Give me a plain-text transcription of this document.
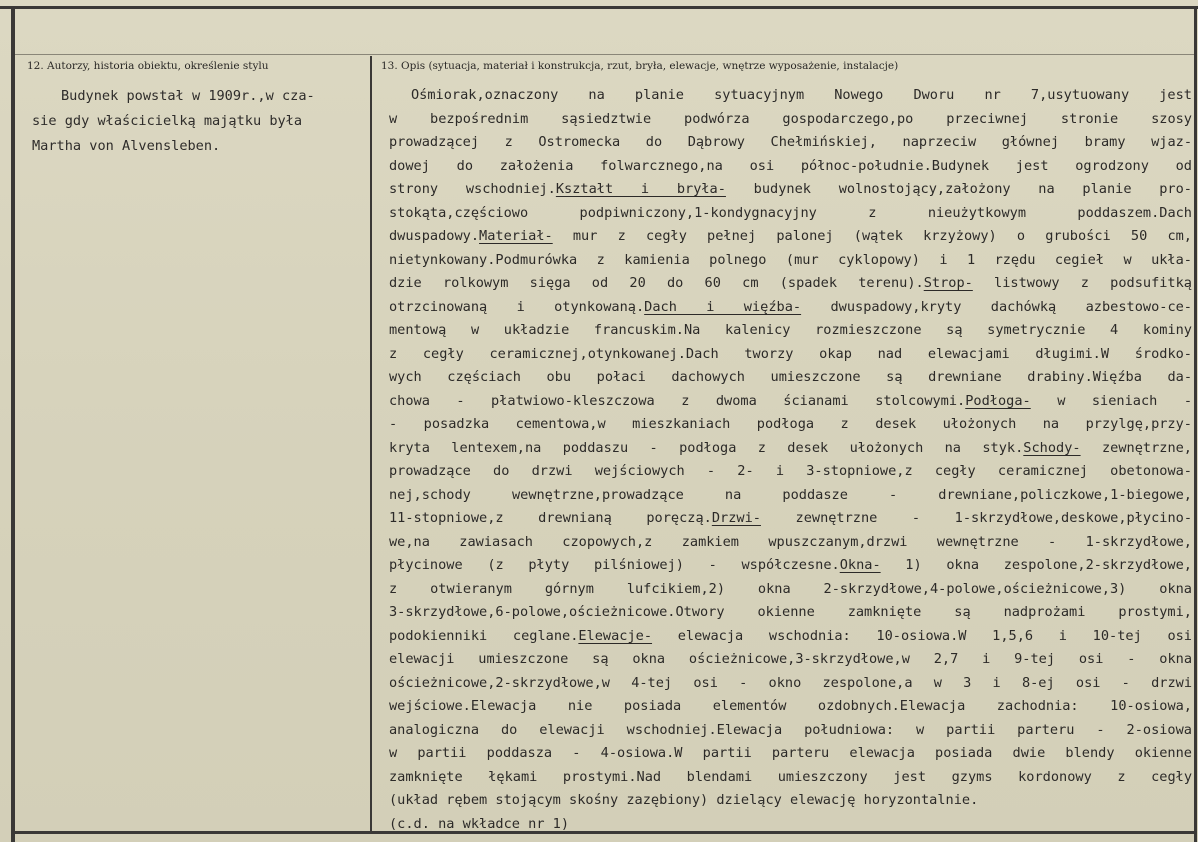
12. Autorzy, historia obiektu, określenie stylu	13. Opis (sytuacja, materiał i konstrukcja, rzut, bryła, elewacje, wnętrze wyposażenie, instalacje)
Budynek powstał w 1909r.,w cza-
sie gdy właścicielką majątku była
Martha von Alvensleben.
Ośmiorak,oznaczony na planie sytuacyjnym Nowego Dworu nr 7,usytuowany jest
w bezpośrednim sąsiedztwie podwórza gospodarczego,po przeciwnej stronie szosy
prowadzącej z Ostromecka do Dąbrowy Chełmińskiej, naprzeciw głównej bramy wjaz-
dowej do założenia folwarcznego,na osi północ-południe.Budynek jest ogrodzony od
strony wschodniej.Kształt i bryła- budynek wolnostojący,założony na planie pro-
stokąta,częściowo podpiwniczony,1-kondygnacyjny z nieużytkowym poddaszem.Dach
dwuspadowy.Materiał- mur z cegły pełnej palonej (wątek krzyżowy) o grubości 50 cm,
nietynkowany.Podmurówka z kamienia polnego (mur cyklopowy) i 1 rzędu cegieł w ukła-
dzie rolkowym sięga od 20 do 60 cm (spadek terenu).Strop- listwowy z podsufitką
otrzcinowaną i otynkowaną.Dach i więźba- dwuspadowy,kryty dachówką azbestowo-ce-
mentową w układzie francuskim.Na kalenicy rozmieszczone są symetrycznie 4 kominy
z cegły ceramicznej,otynkowanej.Dach tworzy okap nad elewacjami długimi.W środko-
wych częściach obu połaci dachowych umieszczone są drewniane drabiny.Więźba da-
chowa - płatwiowo-kleszczowa z dwoma ścianami stolcowymi.Podłoga- w sieniach -
- posadzka cementowa,w mieszkaniach podłoga z desek ułożonych na przylgę,przy-
kryta lentexem,na poddaszu - podłoga z desek ułożonych na styk.Schody- zewnętrzne,
prowadzące do drzwi wejściowych - 2- i 3-stopniowe,z cegły ceramicznej obetonowa-
nej,schody wewnętrzne,prowadzące na poddasze - drewniane,policzkowe,1-biegowe,
11-stopniowe,z drewnianą poręczą.Drzwi- zewnętrzne - 1-skrzydłowe,deskowe,płycino-
we,na zawiasach czopowych,z zamkiem wpuszczanym,drzwi wewnętrzne - 1-skrzydłowe,
płycinowe (z płyty pilśniowej) - współczesne.Okna- 1) okna zespolone,2-skrzydłowe,
z otwieranym górnym lufcikiem,2) okna 2-skrzydłowe,4-polowe,ościeżnicowe,3) okna
3-skrzydłowe,6-polowe,ościeżnicowe.Otwory okienne zamknięte są nadprożami prostymi,
podokienniki ceglane.Elewacje- elewacja wschodnia: 10-osiowa.W 1,5,6 i 10-tej osi
elewacji umieszczone są okna ościeżnicowe,3-skrzydłowe,w 2,7 i 9-tej osi - okna
ościeżnicowe,2-skrzydłowe,w 4-tej osi - okno zespolone,a w 3 i 8-ej osi - drzwi
wejściowe.Elewacja nie posiada elementów ozdobnych.Elewacja zachodnia: 10-osiowa,
analogiczna do elewacji wschodniej.Elewacja południowa: w partii parteru - 2-osiowa
w partii poddasza - 4-osiowa.W partii parteru elewacja posiada dwie blendy okienne
zamknięte łękami prostymi.Nad blendami umieszczony jest gzyms kordonowy z cegły
(układ rębem stojącym skośny zazębiony) dzielący elewację horyzontalnie.
(c.d. na wkładce nr 1)
